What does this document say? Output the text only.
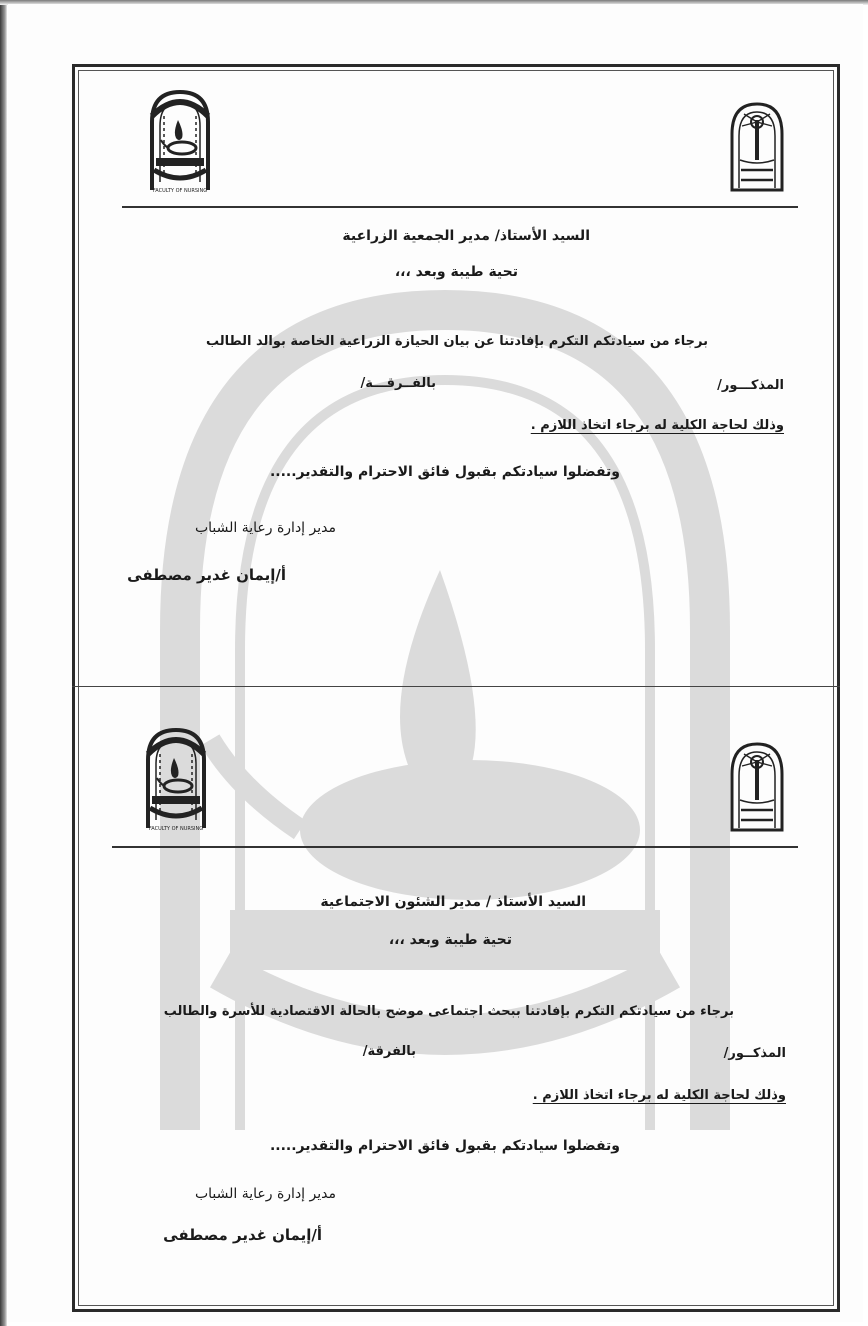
FACULTY OF NURSING
السيد الأستاذ/ مدير الجمعية الزراعية
تحية طيبة وبعد ،،،
برجاء من سيادتكم التكرم بإفادتنا عن بيان الحيازة الزراعية الخاصة بوالد الطالب
المذكـــور/
بالفــرقـــة/
وذلك لحاجة الكلية له برجاء اتخاذ اللازم .
وتفضلوا سيادتكم بقبول فائق الاحترام والتقدير.....
مدير إدارة رعاية الشباب
أ/إيمان غدير مصطفى
FACULTY OF NURSING
السيد الأستاذ / مدير الشئون الاجتماعية
تحية طيبة وبعد ،،،
برجاء من سيادتكم التكرم بإفادتنا ببحث اجتماعى موضح بالحالة الاقتصادية للأسرة والطالب
المذكــور/
بالفرقة/
وذلك لحاجة الكلية له برجاء اتخاذ اللازم .
وتفضلوا سيادتكم بقبول فائق الاحترام والتقدير.....
مدير إدارة رعاية الشباب
أ/إيمان غدير مصطفى
